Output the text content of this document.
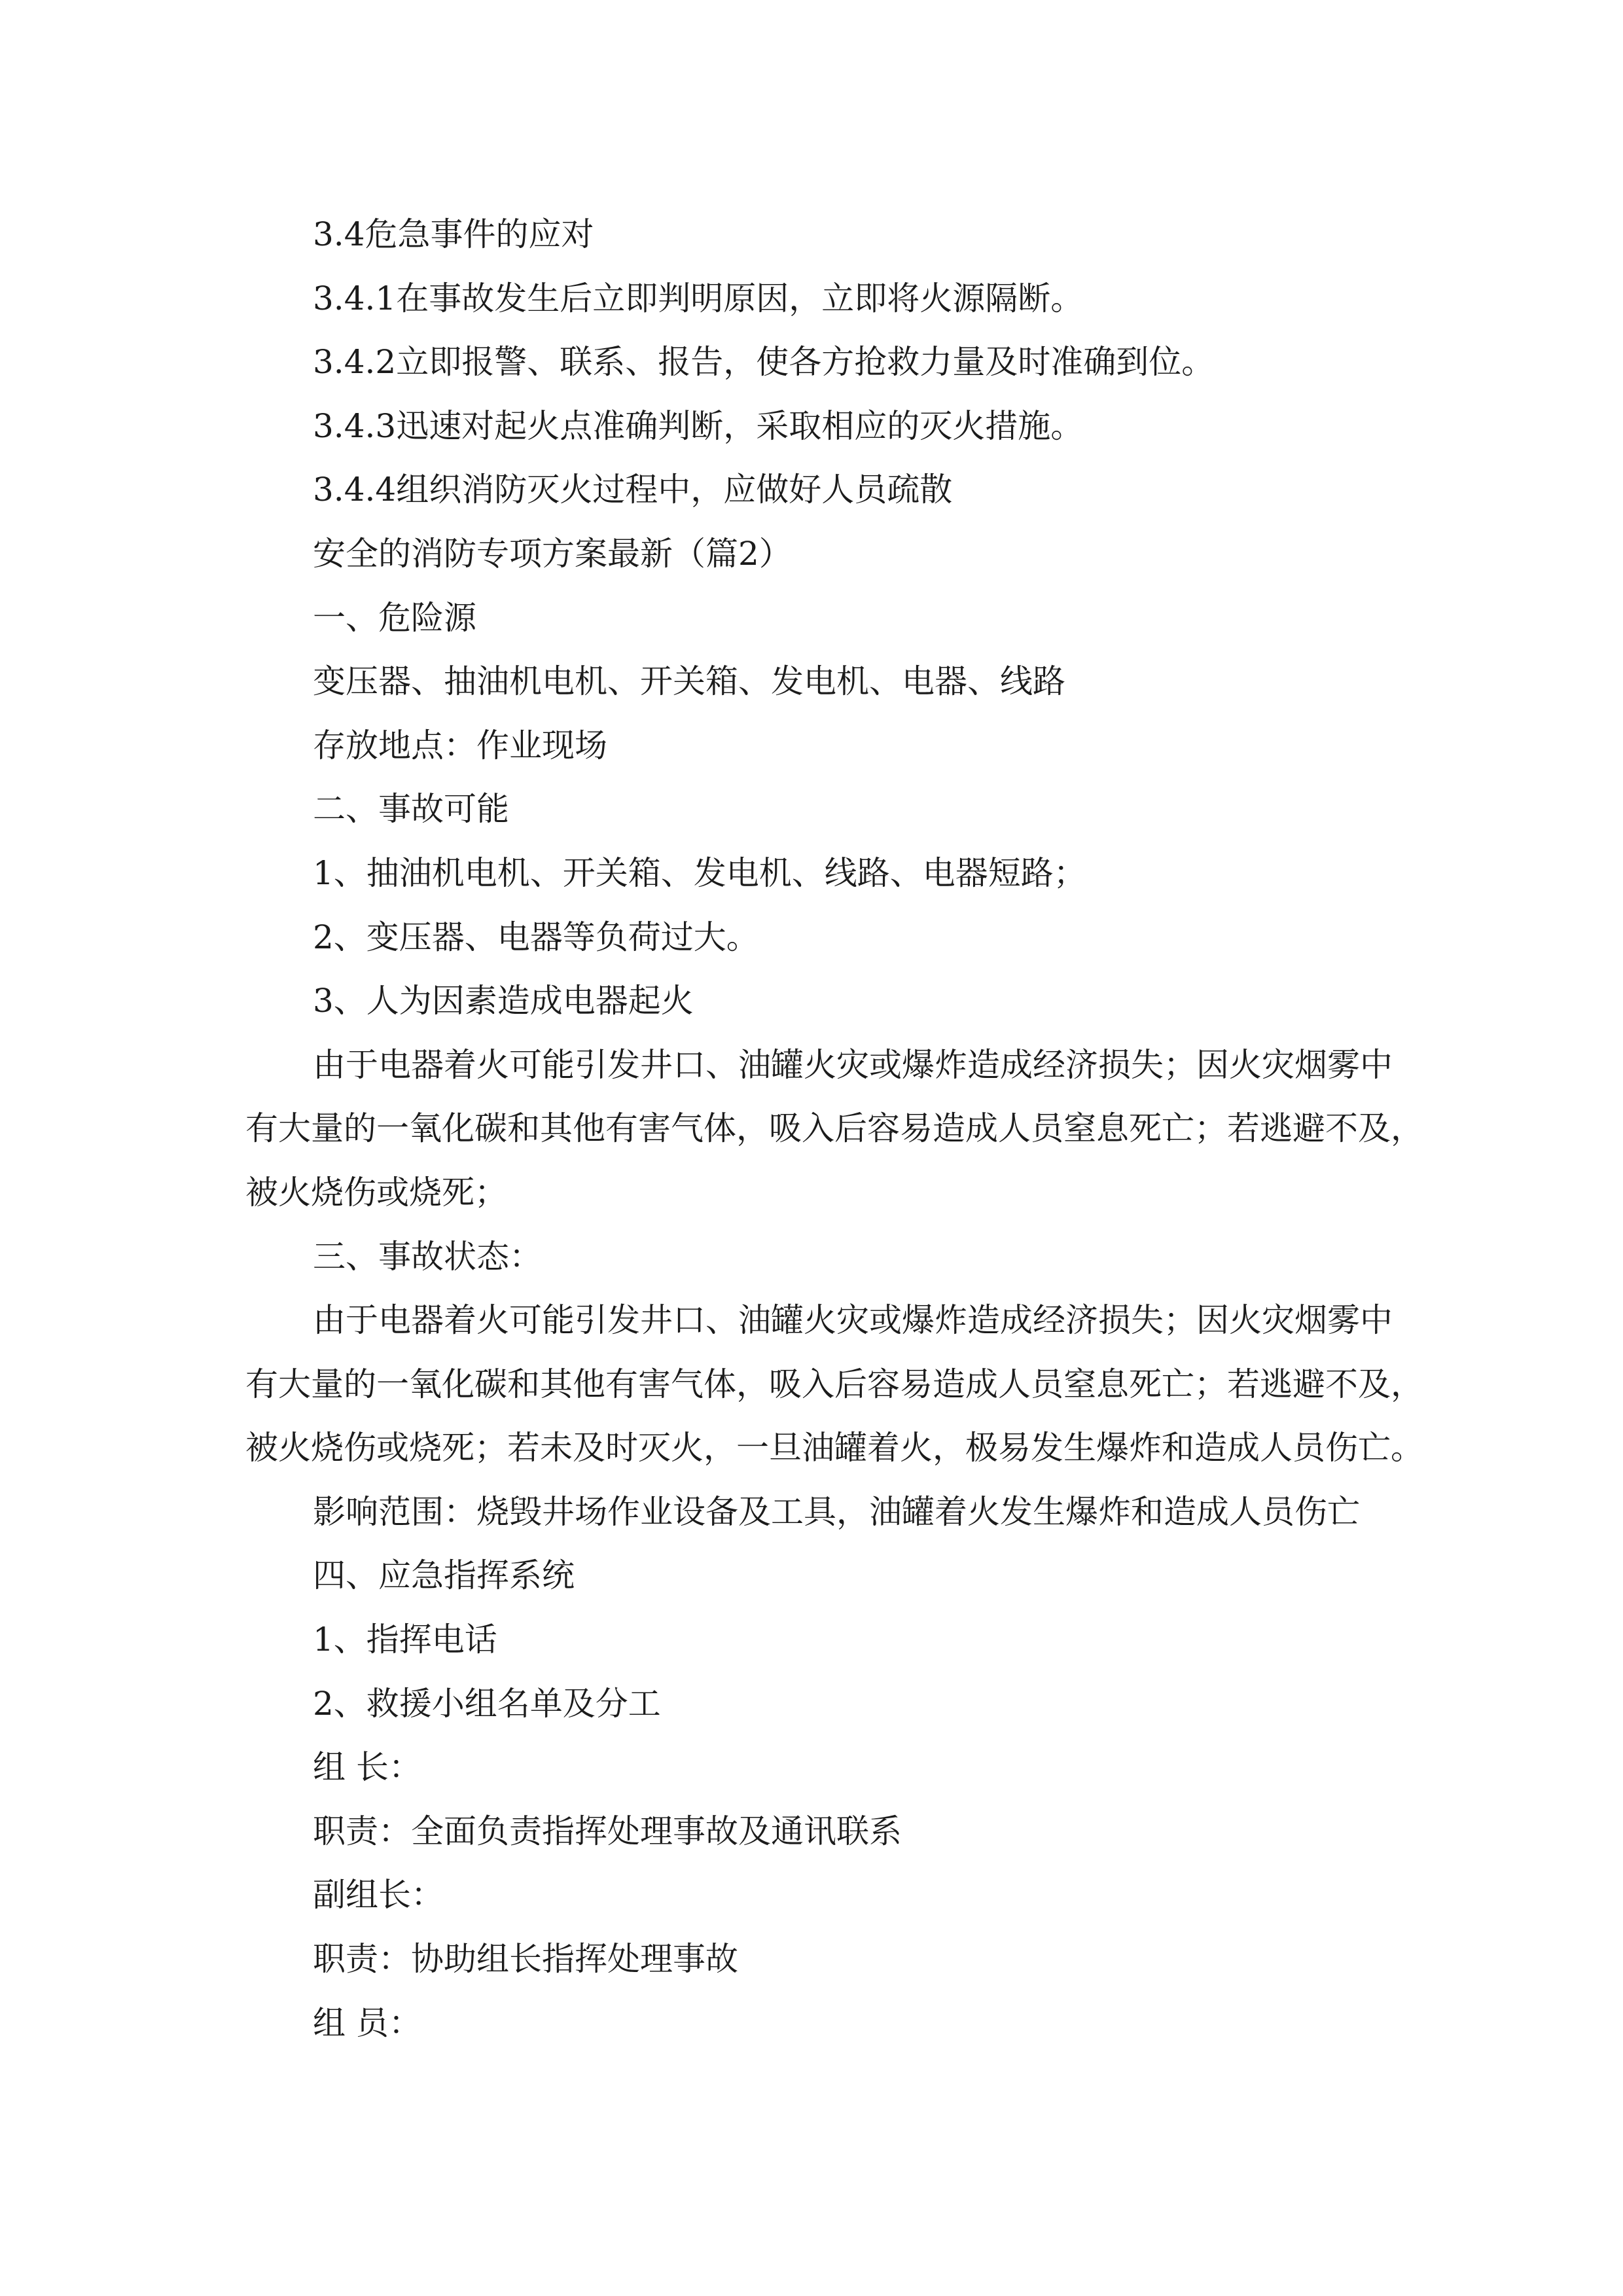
3.4危急事件的应对

3.4.1在事故发生后立即判明原因，立即将火源隔断。

3.4.2立即报警、联系、报告，使各方抢救力量及时准确到位。

3.4.3迅速对起火点准确判断，采取相应的灭火措施。

3.4.4组织消防灭火过程中，应做好人员疏散

安全的消防专项方案最新（篇2）

一、危险源

变压器、抽油机电机、开关箱、发电机、电器、线路

存放地点：作业现场

二、事故可能

1、抽油机电机、开关箱、发电机、线路、电器短路；

2、变压器、电器等负荷过大。

3、人为因素造成电器起火

由于电器着火可能引发井口、油罐火灾或爆炸造成经济损失；因火灾烟雾中

有大量的一氧化碳和其他有害气体，吸入后容易造成人员窒息死亡；若逃避不及，

被火烧伤或烧死；

三、事故状态：

由于电器着火可能引发井口、油罐火灾或爆炸造成经济损失；因火灾烟雾中

有大量的一氧化碳和其他有害气体，吸入后容易造成人员窒息死亡；若逃避不及，

被火烧伤或烧死；若未及时灭火，一旦油罐着火，极易发生爆炸和造成人员伤亡。

影响范围：烧毁井场作业设备及工具，油罐着火发生爆炸和造成人员伤亡

四、应急指挥系统

1、指挥电话

2、救援小组名单及分工

组 长：

职责：全面负责指挥处理事故及通讯联系

副组长：

职责：协助组长指挥处理事故

组 员：
